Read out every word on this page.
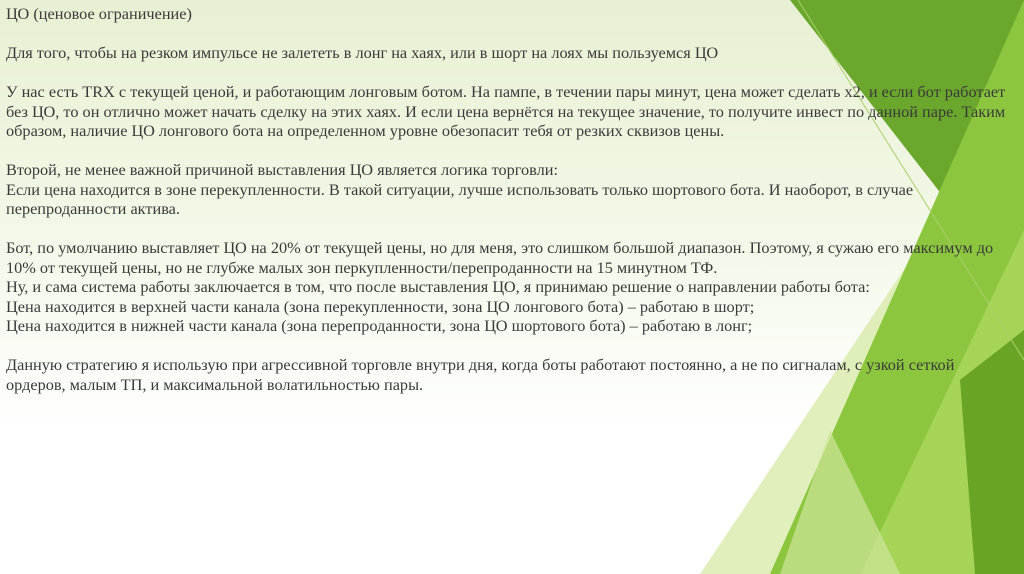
ЦО (ценовое ограничение)

Для того, чтобы на резком импульсе не залететь в лонг на хаях, или в шорт на лоях мы пользуемся ЦО

У нас есть TRX с текущей ценой, и работающим лонговым ботом. На пампе, в течении пары минут, цена может сделать x2, и если бот работает без ЦО, то он отлично может начать сделку на этих хаях. И если цена вернётся на текущее значение, то получите инвест по данной паре. Таким образом, наличие ЦО лонгового бота на определенном уровне обезопасит тебя от резких сквизов цены.

Второй, не менее важной причиной выставления ЦО является логика торговли:

Если цена находится в зоне перекупленности. В такой ситуации, лучше использовать только шортового бота. И наоборот, в случае перепроданности актива.

Бот, по умолчанию выставляет ЦО на 20% от текущей цены, но для меня, это слишком большой диапазон. Поэтому, я сужаю его максимум до 10% от текущей цены, но не глубже малых зон перкупленности/перепроданности на 15 минутном ТФ.

Ну, и сама система работы заключается в том, что после выставления ЦО, я принимаю решение о направлении работы бота:

Цена находится в верхней части канала (зона перекупленности, зона ЦО лонгового бота) – работаю в шорт;

Цена находится в нижней части канала (зона перепроданности, зона ЦО шортового бота) – работаю в лонг;

Данную стратегию я использую при агрессивной торговле внутри дня, когда боты работают постоянно, а не по сигналам, с узкой сеткой ордеров, малым ТП, и максимальной волатильностью пары.
